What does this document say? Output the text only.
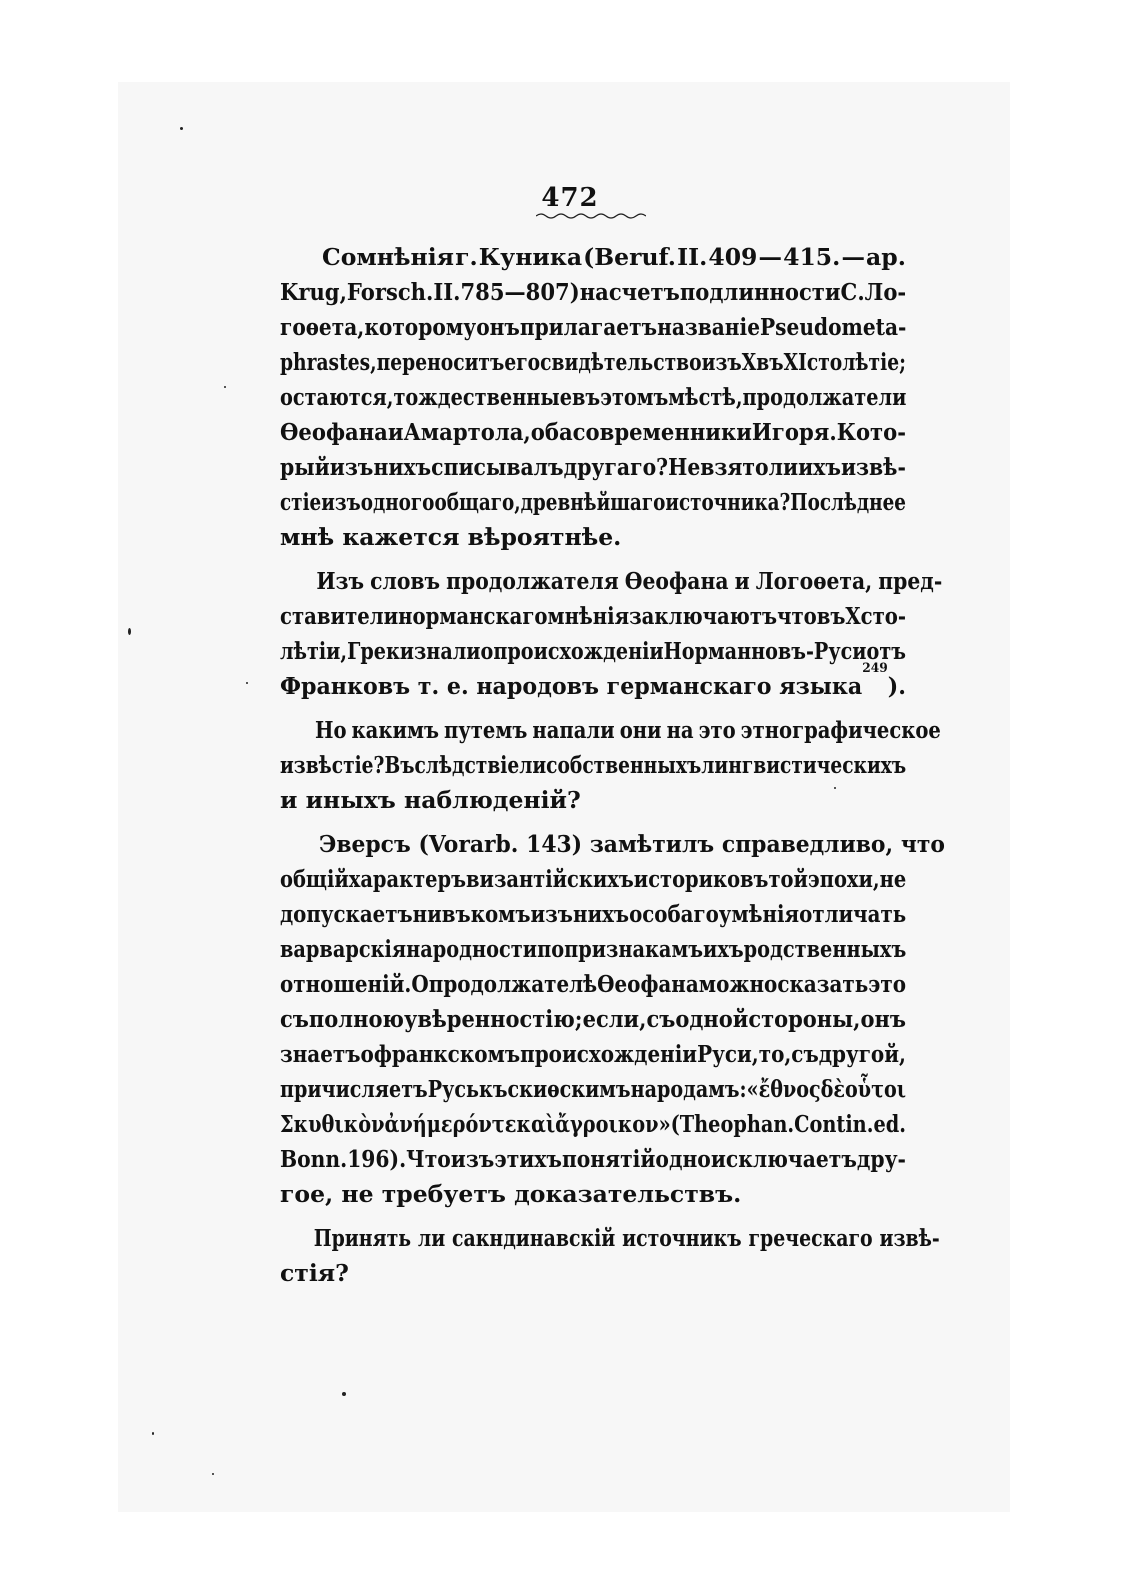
472
Сомнѣнія г. Куника (Beruf. II. 409 — 415. — ap.
Krug, Forsch. II. 785—807) на счетъ подлинности С. Ло-
гоѳета, которому онъ прилагаетъ названіе Pseudometa-
phrastes, переноситъ его свидѣтельство изъ X въ XI столѣтіе;
остаются, тождественные въ этомъ мѣстѣ, продолжатели
Ѳеофана и Амартола, оба современники Игоря. Кото-
рый изъ нихъ списывалъ другаго? Не взято ли ихъ извѣ-
стіе изъ одного общаго, древнѣйшаго источника? Послѣднее
мнѣ кажется вѣроятнѣе.
Изъ словъ продолжателя Ѳеофана и Логоѳета, пред-
ставители норманскаго мнѣнія заключаютъ что въ X сто-
лѣтіи, Греки знали о происхожденіи Норманновъ-Руси отъ
Франковъ т. е. народовъ германскаго языка
249
).
Но какимъ путемъ напали они на это этнографическое
извѣстіе? Въ слѣдствіе ли собственныхъ лингвистическихъ
и иныхъ наблюденій?
Эверсъ (Vorarb. 143) замѣтилъ справедливо, что
общій характеръ византійскихъ историковъ той эпохи, не
допускаетъ ни въ комъ изъ нихъ особаго умѣнія отличать
варварскія народности по признакамъ ихъ родственныхъ
отношеній. О продолжателѣ Ѳеофана можно сказать это
съ полною увѣренностію; если, съ одной стороны, онъ
знаетъ о франкскомъ происхожденіи Руси, то, съ другой,
причисляетъ Русь къ скиѳскимъ народамъ: «ἔθνος δὲ οὗτοι
Σκυθικὸν ἀνήμερόν τε καὶ ἄγροικον» (Theophan. Contin. ed.
Bonn. 196). Что изъ этихъ понятій одно исключаетъ дру-
гое, не требуетъ доказательствъ.
Принять ли сакндинавскій источникъ греческаго извѣ-
стія?
